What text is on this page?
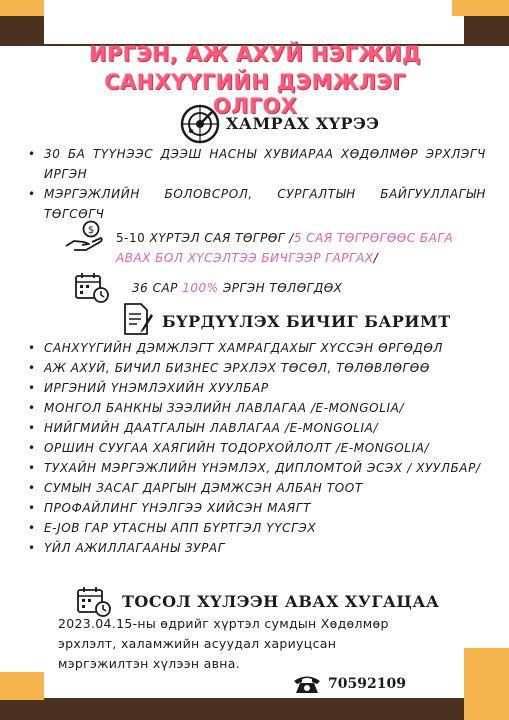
ИРГЭН, АЖ АХУЙ НЭГЖИД
САНХҮҮГИЙН ДЭМЖЛЭГ ОЛГОХ
ХАМРАХ ХҮРЭЭ
• 30 БА ТҮҮНЭЭС ДЭЭШ НАСНЫ ХУВИАРАА ХӨДӨЛМӨР ЭРХЛЭГЧ ИРГЭН
• МЭРГЭЖЛИЙН БОЛОВСРОЛ, СУРГАЛТЫН БАЙГУУЛЛАГЫН ТӨГСӨГЧ
$
5-10 ХҮРТЭЛ САЯ ТӨГРӨГ /5 САЯ ТӨГРӨГӨӨС БАГА АВАХ БОЛ ХҮСЭЛТЭЭ БИЧГЭЭР ГАРГАХ/
36 САР 100% ЭРГЭН ТӨЛӨГДӨХ
БҮРДҮҮЛЭХ БИЧИГ БАРИМТ
• САНХҮҮГИЙН ДЭМЖЛЭГТ ХАМРАГДАХЫГ ХҮССЭН ӨРГӨДӨЛ
• АЖ АХУЙ, БИЧИЛ БИЗНЕС ЭРХЛЭХ ТӨСӨЛ, ТӨЛӨВЛӨГӨӨ
• ИРГЭНИЙ ҮНЭМЛЭХИЙН ХУУЛБАР
• МОНГОЛ БАНКНЫ ЗЭЭЛИЙН ЛАВЛАГАА /E-MONGOLIA/
• НИЙГМИЙН ДААТГАЛЫН ЛАВЛАГАА /E-MONGOLIA/
• ОРШИН СУУГАА ХАЯГИЙН ТОДОРХОЙЛОЛТ /E-MONGOLIA/
• ТУХАЙН МЭРГЭЖЛИЙН ҮНЭМЛЭХ, ДИПЛОМТОЙ ЭСЭХ / ХУУЛБАР/
• СУМЫН ЗАСАГ ДАРГЫН ДЭМЖСЭН АЛБАН ТООТ
• ПРОФАЙЛИНГ ҮНЭЛГЭЭ ХИЙСЭН МАЯГТ
• E-JOB ГАР УТАСНЫ АПП БҮРТГЭЛ ҮҮСГЭХ
• ҮЙЛ АЖИЛЛАГААНЫ ЗУРАГ
ТОСОЛ ХҮЛЭЭН АВАХ ХУГАЦАА
2023.04.15-ны өдрийг хүртэл сумдын Хөдөлмөр эрхлэлт, халамжийн асуудал хариуцсан мэргэжилтэн хүлээн авна.
70592109
